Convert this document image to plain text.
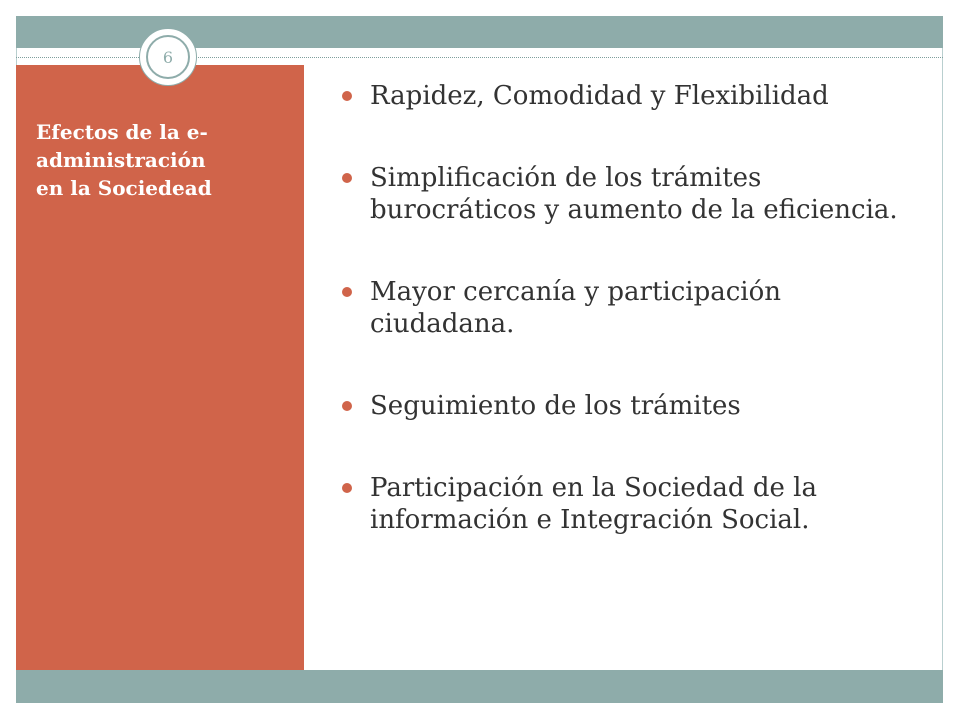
Efectos de la e-
administración
en la Sociedead
6
Rapidez, Comodidad y Flexibilidad
Simplificación de los trámites burocráticos y aumento de la eficiencia.
Mayor cercanía y participación ciudadana.
Seguimiento de los trámites
Participación en la Sociedad de la información e Integración Social.
